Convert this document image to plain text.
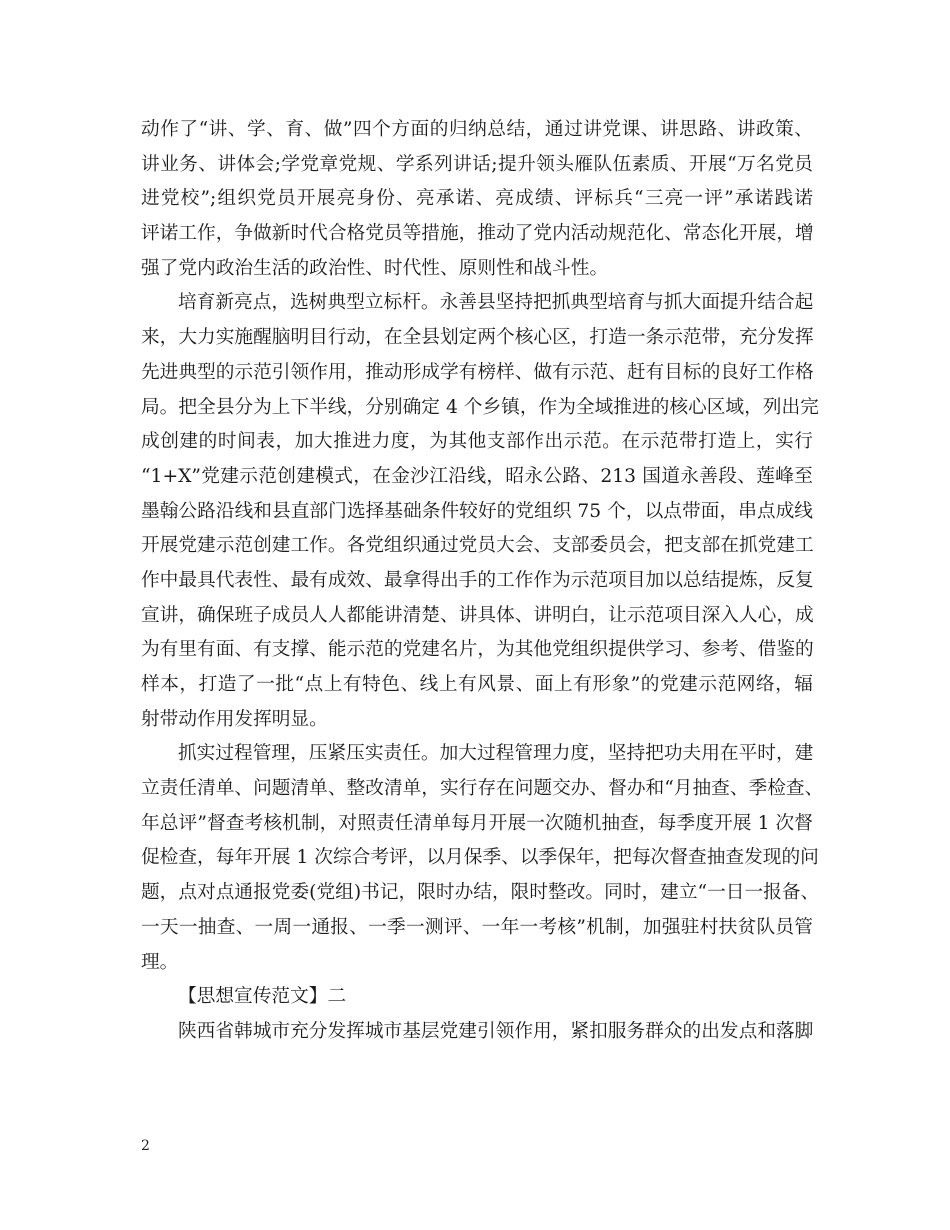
动作了“讲、学、育、做”四个方面的归纳总结，通过讲党课、讲思路、讲政策、
讲业务、讲体会;学党章党规、学系列讲话;提升领头雁队伍素质、开展“万名党员
进党校”;组织党员开展亮身份、亮承诺、亮成绩、评标兵“三亮一评”承诺践诺
评诺工作，争做新时代合格党员等措施，推动了党内活动规范化、常态化开展，增
强了党内政治生活的政治性、时代性、原则性和战斗性。
培育新亮点，选树典型立标杆。永善县坚持把抓典型培育与抓大面提升结合起
来，大力实施醒脑明目行动，在全县划定两个核心区，打造一条示范带，充分发挥
先进典型的示范引领作用，推动形成学有榜样、做有示范、赶有目标的良好工作格
局。把全县分为上下半线，分别确定 4 个乡镇，作为全域推进的核心区域，列出完
成创建的时间表，加大推进力度，为其他支部作出示范。在示范带打造上，实行
“1+X”党建示范创建模式，在金沙江沿线，昭永公路、213 国道永善段、莲峰至
墨翰公路沿线和县直部门选择基础条件较好的党组织 75 个，以点带面，串点成线
开展党建示范创建工作。各党组织通过党员大会、支部委员会，把支部在抓党建工
作中最具代表性、最有成效、最拿得出手的工作作为示范项目加以总结提炼，反复
宣讲，确保班子成员人人都能讲清楚、讲具体、讲明白，让示范项目深入人心，成
为有里有面、有支撑、能示范的党建名片，为其他党组织提供学习、参考、借鉴的
样本，打造了一批“点上有特色、线上有风景、面上有形象”的党建示范网络，辐
射带动作用发挥明显。
抓实过程管理，压紧压实责任。加大过程管理力度，坚持把功夫用在平时，建
立责任清单、问题清单、整改清单，实行存在问题交办、督办和“月抽查、季检查、
年总评”督查考核机制，对照责任清单每月开展一次随机抽查，每季度开展 1 次督
促检查，每年开展 1 次综合考评，以月保季、以季保年，把每次督查抽查发现的问
题，点对点通报党委(党组)书记，限时办结，限时整改。同时，建立“一日一报备、
一天一抽查、一周一通报、一季一测评、一年一考核”机制，加强驻村扶贫队员管
理。
【思想宣传范文】二
陕西省韩城市充分发挥城市基层党建引领作用，紧扣服务群众的出发点和落脚
2
